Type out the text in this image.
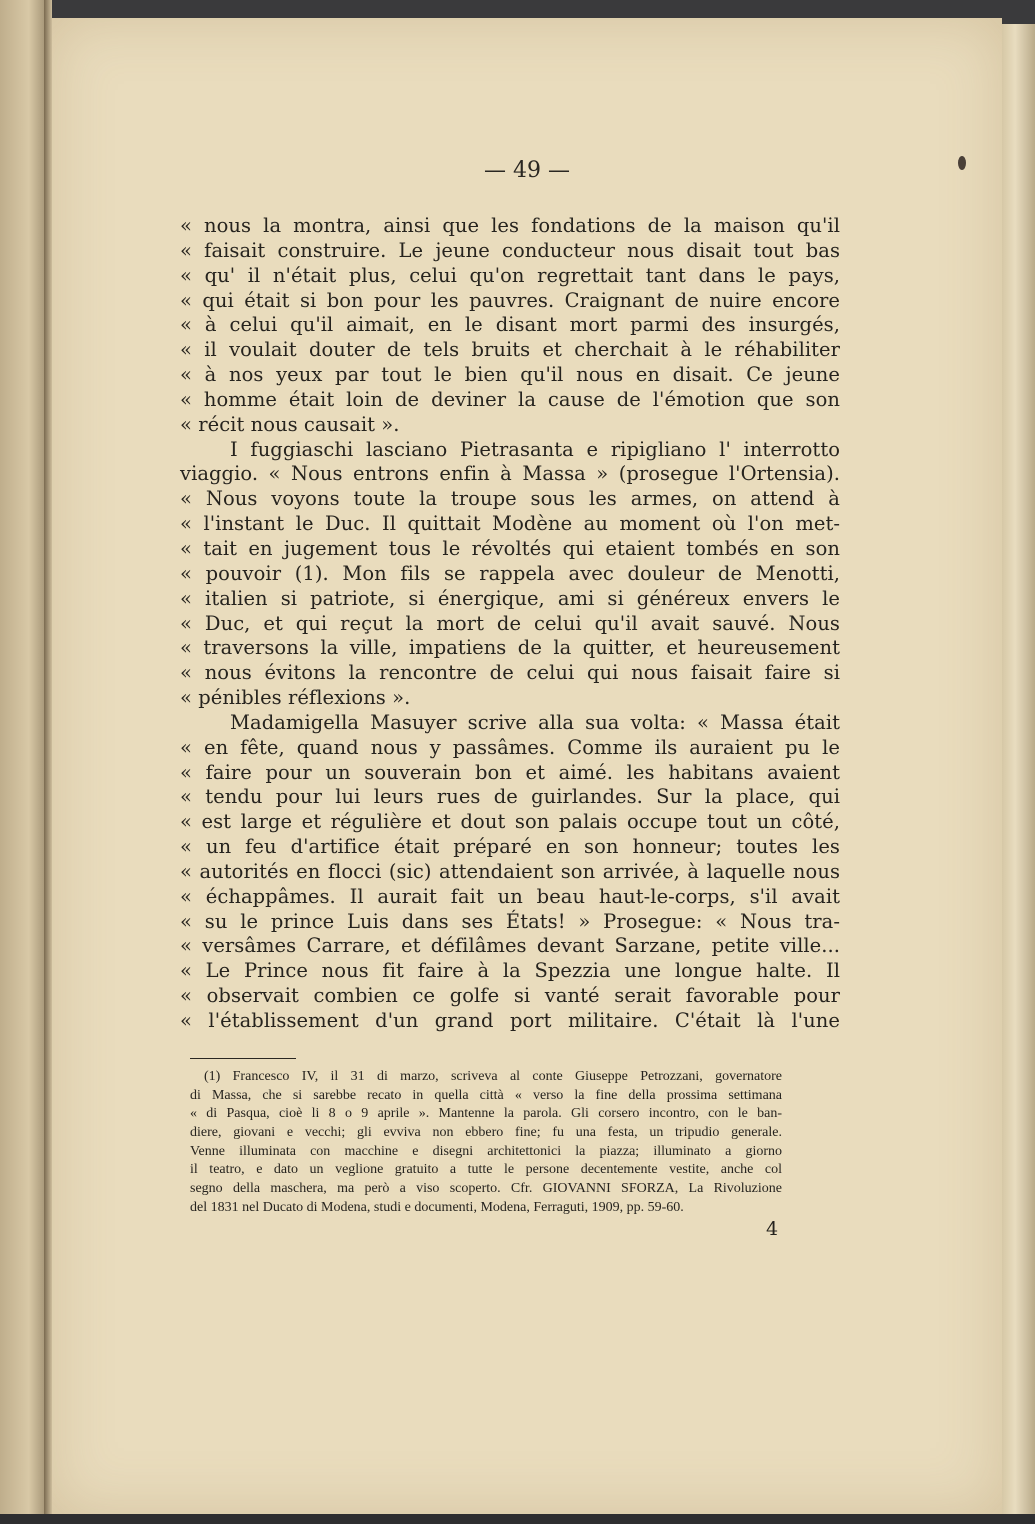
— 49 —
« nous la montra, ainsi que les fondations de la maison qu'il
« faisait construire. Le jeune conducteur nous disait tout bas
« qu' il n'était plus, celui qu'on regrettait tant dans le pays,
« qui était si bon pour les pauvres. Craignant de nuire encore
« à celui qu'il aimait, en le disant mort parmi des insurgés,
« il voulait douter de tels bruits et cherchait à le réhabiliter
« à nos yeux par tout le bien qu'il nous en disait. Ce jeune
« homme était loin de deviner la cause de l'émotion que son
« récit nous causait ».
I fuggiaschi lasciano Pietrasanta e ripigliano l' interrotto
viaggio. « Nous entrons enfin à Massa » (prosegue l'Ortensia).
« Nous voyons toute la troupe sous les armes, on attend à
« l'instant le Duc. Il quittait Modène au moment où l'on met-
« tait en jugement tous le révoltés qui etaient tombés en son
« pouvoir (1). Mon fils se rappela avec douleur de Menotti,
« italien si patriote, si énergique, ami si généreux envers le
« Duc, et qui reçut la mort de celui qu'il avait sauvé. Nous
« traversons la ville, impatiens de la quitter, et heureusement
« nous évitons la rencontre de celui qui nous faisait faire si
« pénibles réflexions ».
Madamigella Masuyer scrive alla sua volta: « Massa était
« en fête, quand nous y passâmes. Comme ils auraient pu le
« faire pour un souverain bon et aimé. les habitans avaient
« tendu pour lui leurs rues de guirlandes. Sur la place, qui
« est large et régulière et dout son palais occupe tout un côté,
« un feu d'artifice était préparé en son honneur; toutes les
« autorités en flocci (sic) attendaient son arrivée, à laquelle nous
« échappâmes. Il aurait fait un beau haut-le-corps, s'il avait
« su le prince Luis dans ses États! » Prosegue: « Nous tra-
« versâmes Carrare, et défilâmes devant Sarzane, petite ville...
« Le Prince nous fit faire à la Spezzia une longue halte. Il
« observait combien ce golfe si vanté serait favorable pour
« l'établissement d'un grand port militaire. C'était là l'une
(1) Francesco IV, il 31 di marzo, scriveva al conte Giuseppe Petrozzani, governatore
di Massa, che si sarebbe recato in quella città « verso la fine della prossima settimana
« di Pasqua, cioè li 8 o 9 aprile ». Mantenne la parola. Gli corsero incontro, con le ban-
diere, giovani e vecchi; gli evviva non ebbero fine; fu una festa, un tripudio generale.
Venne illuminata con macchine e disegni architettonici la piazza; illuminato a giorno
il teatro, e dato un veglione gratuito a tutte le persone decentemente vestite, anche col
segno della maschera, ma però a viso scoperto. Cfr. GIOVANNI SFORZA, La Rivoluzione
del 1831 nel Ducato di Modena, studi e documenti, Modena, Ferraguti, 1909, pp. 59-60.
4
